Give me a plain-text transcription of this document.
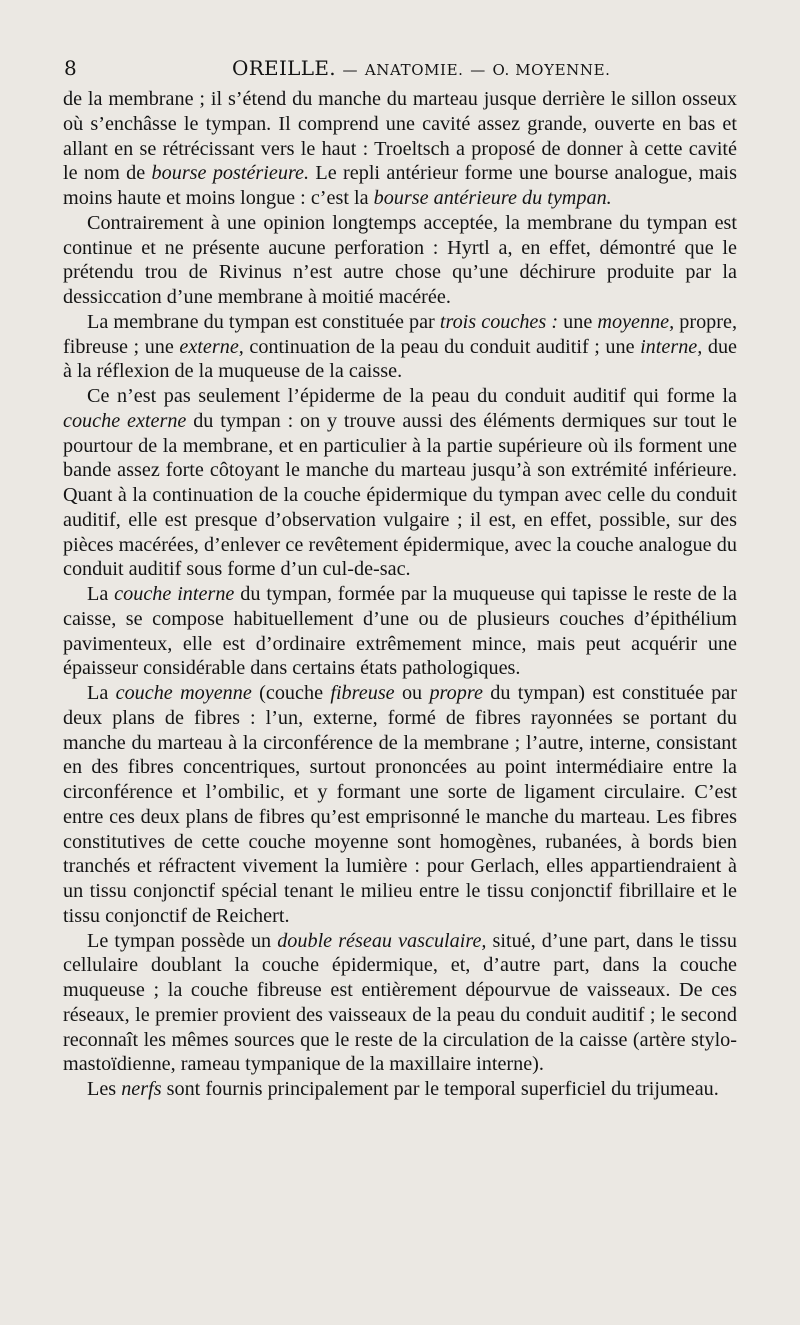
8	OREILLE. — ANATOMIE. — O. MOYENNE.

de la membrane ; il s’étend du manche du marteau jusque derrière le sillon osseux où s’enchâsse le tympan. Il comprend une cavité assez grande, ouverte en bas et allant en se rétrécissant vers le haut : Troeltsch a proposé de donner à cette cavité le nom de bourse postérieure. Le repli antérieur forme une bourse analogue, mais moins haute et moins longue : c’est la bourse antérieure du tympan.

Contrairement à une opinion longtemps acceptée, la membrane du tympan est continue et ne présente aucune perforation : Hyrtl a, en effet, démontré que le prétendu trou de Rivinus n’est autre chose qu’une déchirure produite par la dessiccation d’une membrane à moitié macérée.

La membrane du tympan est constituée par trois couches : une moyenne, propre, fibreuse ; une externe, continuation de la peau du conduit auditif ; une interne, due à la réflexion de la muqueuse de la caisse.

Ce n’est pas seulement l’épiderme de la peau du conduit auditif qui forme la couche externe du tympan : on y trouve aussi des éléments dermiques sur tout le pourtour de la membrane, et en particulier à la partie supérieure où ils forment une bande assez forte côtoyant le manche du marteau jusqu’à son extrémité inférieure. Quant à la continuation de la couche épidermique du tympan avec celle du conduit auditif, elle est presque d’observation vulgaire ; il est, en effet, possible, sur des pièces macérées, d’enlever ce revêtement épidermique, avec la couche analogue du conduit auditif sous forme d’un cul-de-sac.

La couche interne du tympan, formée par la muqueuse qui tapisse le reste de la caisse, se compose habituellement d’une ou de plusieurs couches d’épithélium pavimenteux, elle est d’ordinaire extrêmement mince, mais peut acquérir une épaisseur considérable dans certains états pathologiques.

La couche moyenne (couche fibreuse ou propre du tympan) est constituée par deux plans de fibres : l’un, externe, formé de fibres rayonnées se portant du manche du marteau à la circonférence de la membrane ; l’autre, interne, consistant en des fibres concentriques, surtout prononcées au point intermédiaire entre la circonférence et l’ombilic, et y formant une sorte de ligament circulaire. C’est entre ces deux plans de fibres qu’est emprisonné le manche du marteau. Les fibres constitutives de cette couche moyenne sont homogènes, rubanées, à bords bien tranchés et réfractent vivement la lumière : pour Gerlach, elles appartiendraient à un tissu conjonctif spécial tenant le milieu entre le tissu conjonctif fibrillaire et le tissu conjonctif de Reichert.

Le tympan possède un double réseau vasculaire, situé, d’une part, dans le tissu cellulaire doublant la couche épidermique, et, d’autre part, dans la couche muqueuse ; la couche fibreuse est entièrement dépourvue de vaisseaux. De ces réseaux, le premier provient des vaisseaux de la peau du conduit auditif ; le second reconnaît les mêmes sources que le reste de la circulation de la caisse (artère stylo-mastoïdienne, rameau tympanique de la maxillaire interne).

Les nerfs sont fournis principalement par le temporal superficiel du trijumeau.
